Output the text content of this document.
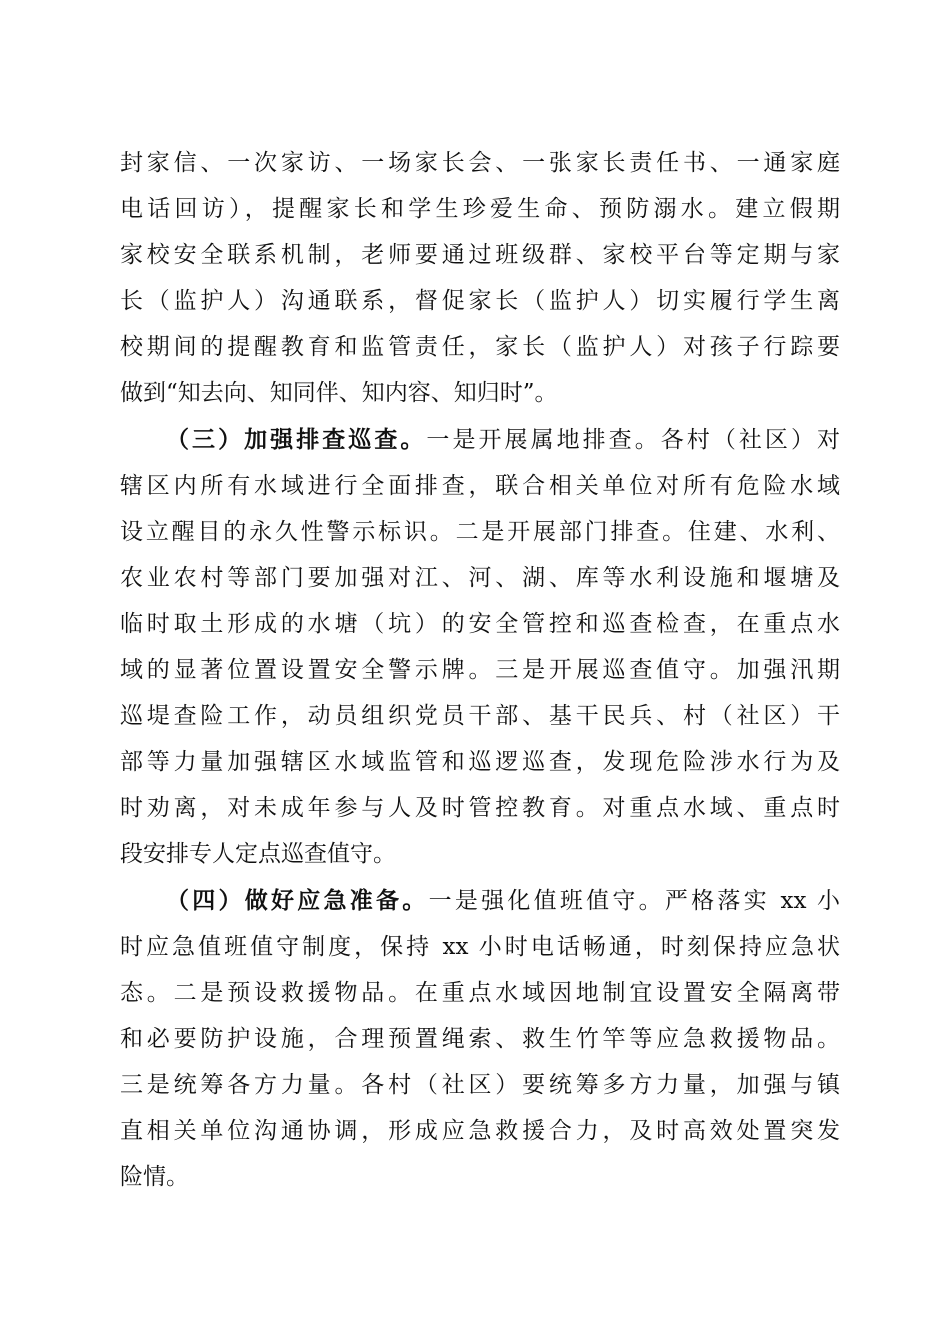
封家信、一次家访、一场家长会、一张家长责任书、一通家庭
电话回访），提醒家长和学生珍爱生命、预防溺水。建立假期
家校安全联系机制，老师要通过班级群、家校平台等定期与家
长（监护人）沟通联系，督促家长（监护人）切实履行学生离
校期间的提醒教育和监管责任，家长（监护人）对孩子行踪要
做到“知去向、知同伴、知内容、知归时”。
（三）加强排查巡查。一是开展属地排查。各村（社区）对
辖区内所有水域进行全面排查，联合相关单位对所有危险水域
设立醒目的永久性警示标识。二是开展部门排查。住建、水利、
农业农村等部门要加强对江、河、湖、库等水利设施和堰塘及
临时取土形成的水塘（坑）的安全管控和巡查检查，在重点水
域的显著位置设置安全警示牌。三是开展巡查值守。加强汛期
巡堤查险工作，动员组织党员干部、基干民兵、村（社区）干
部等力量加强辖区水域监管和巡逻巡查，发现危险涉水行为及
时劝离，对未成年参与人及时管控教育。对重点水域、重点时
段安排专人定点巡查值守。
（四）做好应急准备。一是强化值班值守。严格落实 xx 小
时应急值班值守制度，保持 xx 小时电话畅通，时刻保持应急状
态。二是预设救援物品。在重点水域因地制宜设置安全隔离带
和必要防护设施，合理预置绳索、救生竹竿等应急救援物品。
三是统筹各方力量。各村（社区）要统筹多方力量，加强与镇
直相关单位沟通协调，形成应急救援合力，及时高效处置突发
险情。
